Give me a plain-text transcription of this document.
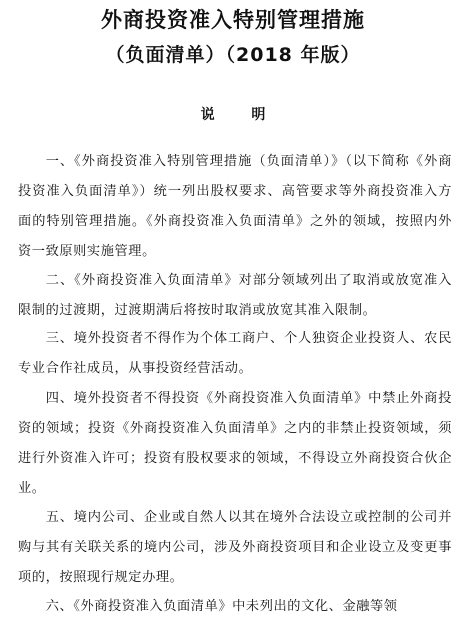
外商投资准入特别管理措施
（负面清单）（2018 年版）
说 明

一、《外商投资准入特别管理措施（负面清单）》（以下简称《外商投资准入负面清单》）统一列出股权要求、高管要求等外商投资准入方面的特别管理措施。《外商投资准入负面清单》之外的领域，按照内外资一致原则实施管理。

二、《外商投资准入负面清单》对部分领域列出了取消或放宽准入限制的过渡期，过渡期满后将按时取消或放宽其准入限制。

三、境外投资者不得作为个体工商户、个人独资企业投资人、农民专业合作社成员，从事投资经营活动。

四、境外投资者不得投资《外商投资准入负面清单》中禁止外商投资的领域；投资《外商投资准入负面清单》之内的非禁止投资领域，须进行外资准入许可；投资有股权要求的领域，不得设立外商投资合伙企业。

五、境内公司、企业或自然人以其在境外合法设立或控制的公司并购与其有关联关系的境内公司，涉及外商投资项目和企业设立及变更事项的，按照现行规定办理。

六、《外商投资准入负面清单》中未列出的文化、金融等领
